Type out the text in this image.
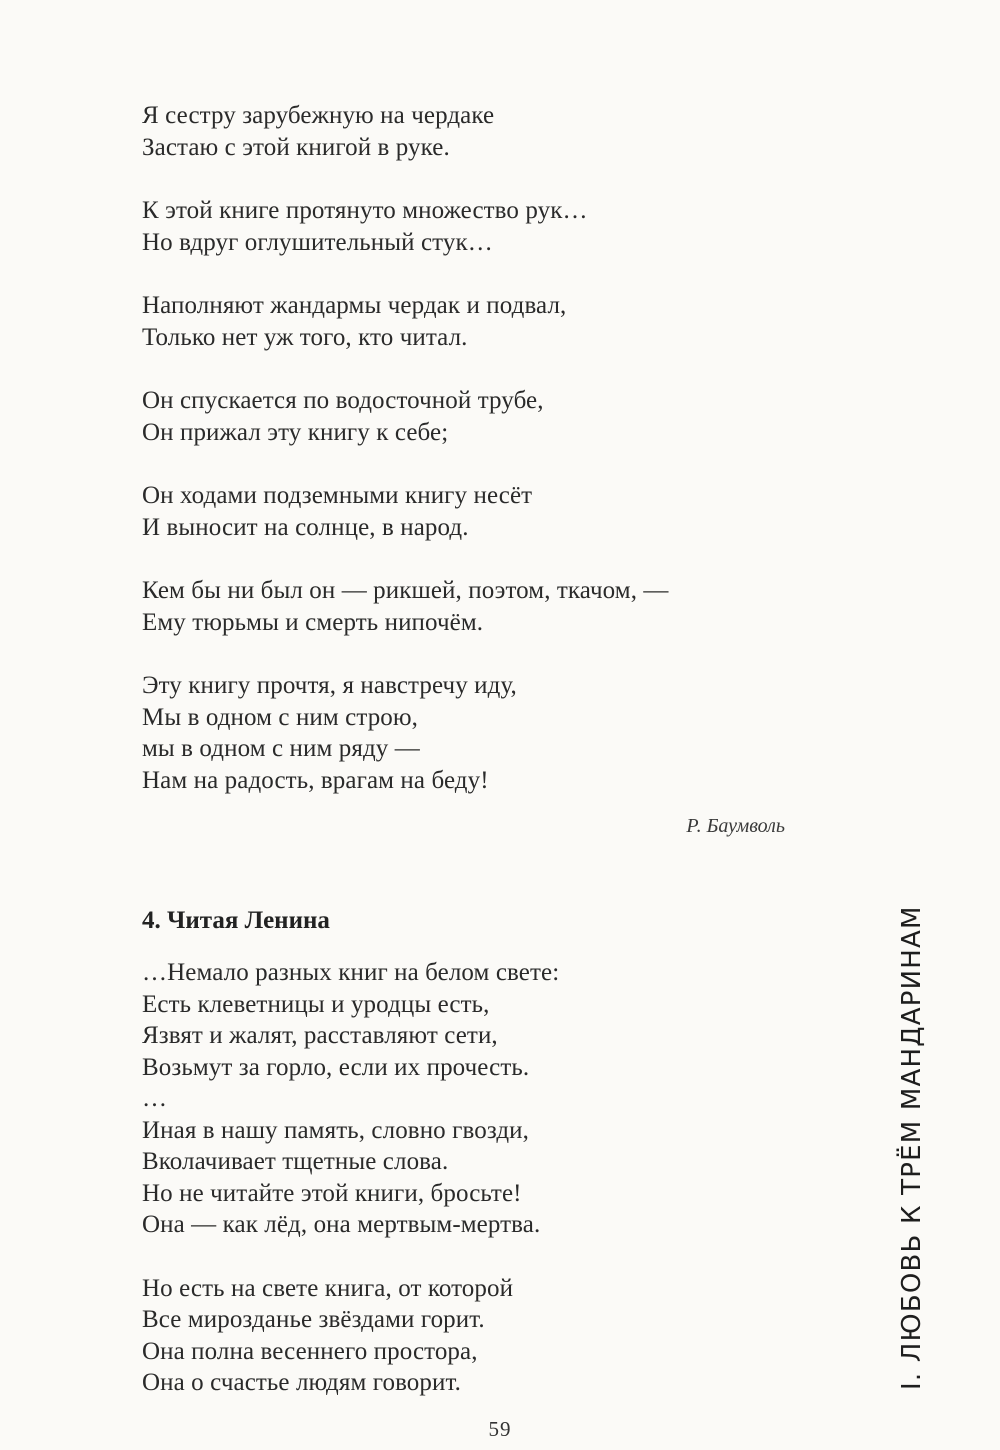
Я сестру зарубежную на чердаке
Застаю с этой книгой в руке.
К этой книге протянуто множество рук…
Но вдруг оглушительный стук…
Наполняют жандармы чердак и подвал,
Только нет уж того, кто читал.
Он спускается по водосточной трубе,
Он прижал эту книгу к себе;
Он ходами подземными книгу несёт
И выносит на солнце, в народ.
Кем бы ни был он — рикшей, поэтом, ткачом, —
Ему тюрьмы и смерть нипочём.
Эту книгу прочтя, я навстречу иду,
Мы в одном с ним строю,
мы в одном с ним ряду —
Нам на радость, врагам на беду!
Р. Баумволь
4. Читая Ленина
…Немало разных книг на белом свете:
Есть клеветницы и уродцы есть,
Язвят и жалят, расставляют сети,
Возьмут за горло, если их прочесть.
…
Иная в нашу память, словно гвозди,
Вколачивает тщетные слова.
Но не читайте этой книги, бросьте!
Она — как лёд, она мертвым-мертва.
Но есть на свете книга, от которой
Все мирозданье звёздами горит.
Она полна весеннего простора,
Она о счастье людям говорит.	I. ЛЮБОВЬ К ТРЁМ МАНДАРИНАМ
59
